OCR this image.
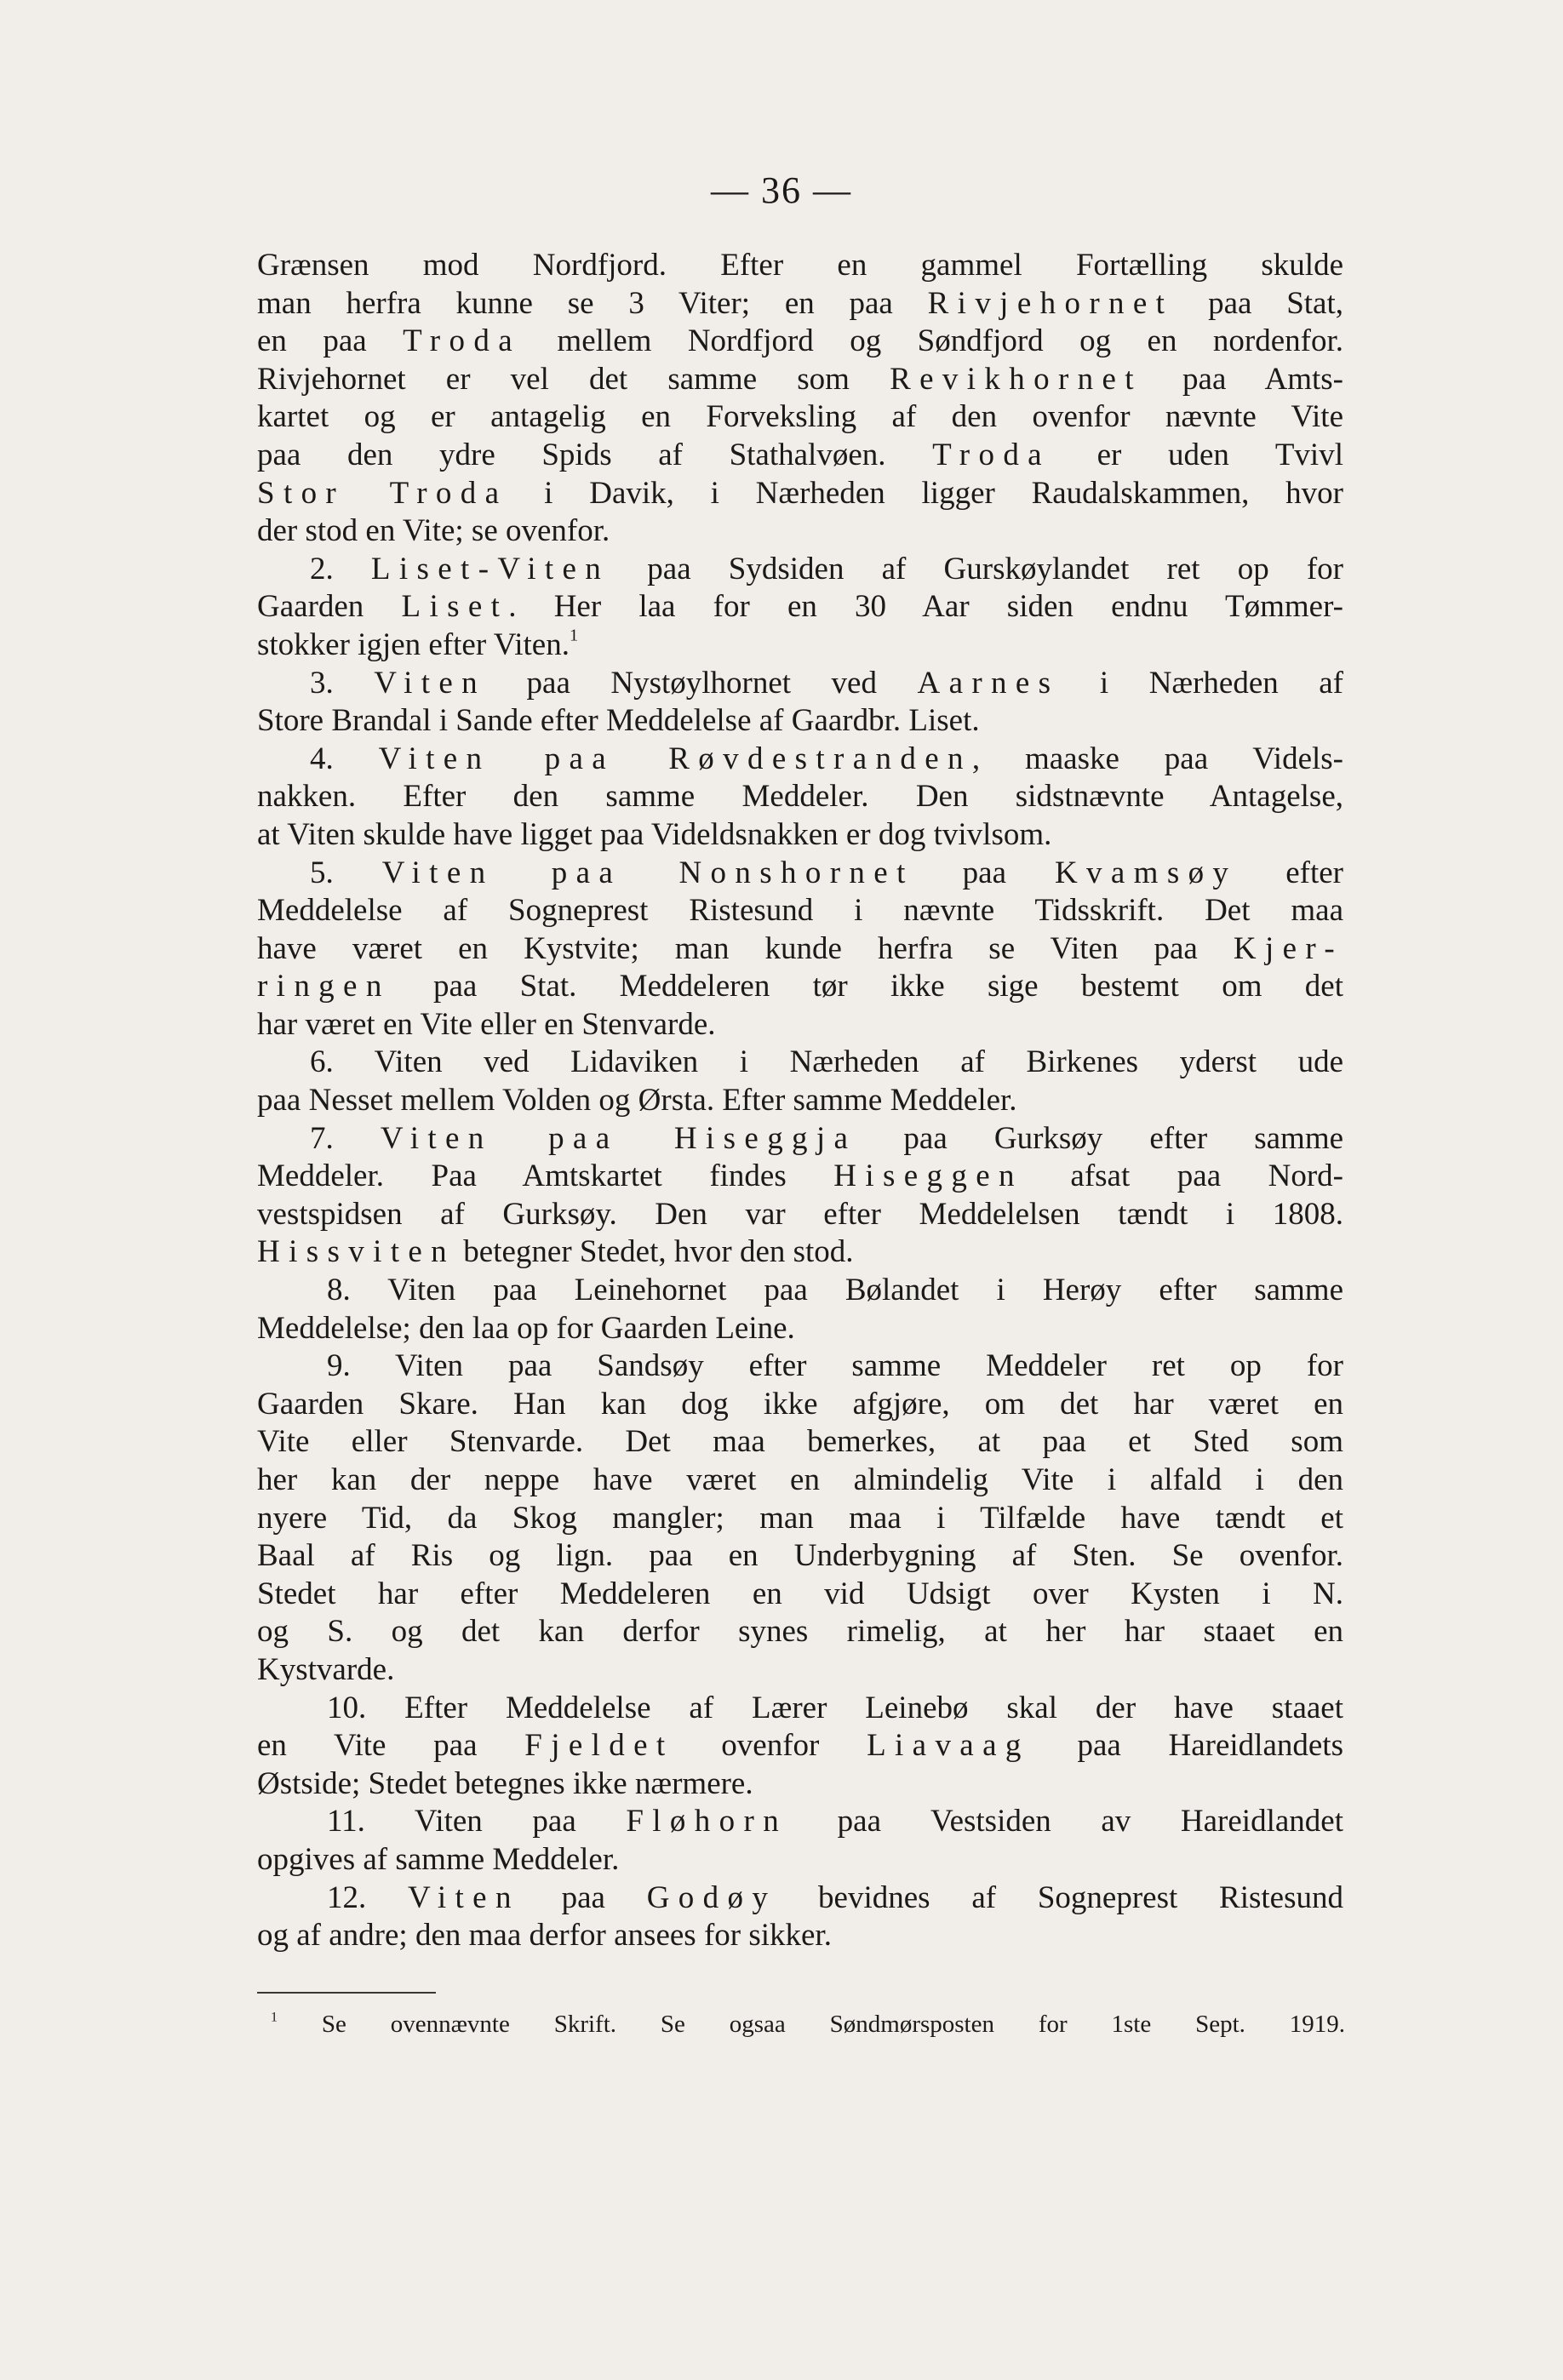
— 36 —
Grænsen mod Nordfjord. Efter en gammel Fortælling skulde
man herfra kunne se 3 Viter; en paa Rivjehornet paa Stat,
en paa Troda mellem Nordfjord og Søndfjord og en nordenfor.
Rivjehornet er vel det samme som Revikhornet paa Amts-
kartet og er antagelig en Forveksling af den ovenfor nævnte Vite
paa den ydre Spids af Stathalvøen. Troda er uden Tvivl
Stor Troda i Davik, i Nærheden ligger Raudalskammen, hvor
der stod en Vite; se ovenfor.
2. Liset-Viten paa Sydsiden af Gurskøylandet ret op for
Gaarden Liset. Her laa for en 30 Aar siden endnu Tømmer-
stokker igjen efter Viten.$^1$
3. Viten paa Nystøylhornet ved Aarnes i Nærheden af
Store Brandal i Sande efter Meddelelse af Gaardbr. Liset.
4. Viten paa Røvdestranden, maaske paa Videls-
nakken. Efter den samme Meddeler. Den sidstnævnte Antagelse,
at Viten skulde have ligget paa Videldsnakken er dog tvivlsom.
5. Viten paa Nonshornet paa Kvamsøy efter
Meddelelse af Sogneprest Ristesund i nævnte Tidsskrift. Det maa
have været en Kystvite; man kunde herfra se Viten paa Kjer-
ringen paa Stat. Meddeleren tør ikke sige bestemt om det
har været en Vite eller en Stenvarde.
6. Viten ved Lidaviken i Nærheden af Birkenes yderst ude
paa Nesset mellem Volden og Ørsta. Efter samme Meddeler.
7. Viten paa Hiseggja paa Gurksøy efter samme
Meddeler. Paa Amtskartet findes Hiseggen afsat paa Nord-
vestspidsen af Gurksøy. Den var efter Meddelelsen tændt i 1808.
Hissviten betegner Stedet, hvor den stod.
8. Viten paa Leinehornet paa Bølandet i Herøy efter samme
Meddelelse; den laa op for Gaarden Leine.
9. Viten paa Sandsøy efter samme Meddeler ret op for
Gaarden Skare. Han kan dog ikke afgjøre, om det har været en
Vite eller Stenvarde. Det maa bemerkes, at paa et Sted som
her kan der neppe have været en almindelig Vite i alfald i den
nyere Tid, da Skog mangler; man maa i Tilfælde have tændt et
Baal af Ris og lign. paa en Underbygning af Sten. Se ovenfor.
Stedet har efter Meddeleren en vid Udsigt over Kysten i N.
og S. og det kan derfor synes rimelig, at her har staaet en
Kystvarde.
10. Efter Meddelelse af Lærer Leinebø skal der have staaet
en Vite paa Fjeldet ovenfor Liavaag paa Hareidlandets
Østside; Stedet betegnes ikke nærmere.
11. Viten paa Fløhorn paa Vestsiden av Hareidlandet
opgives af samme Meddeler.
12. Viten paa Godøy bevidnes af Sogneprest Ristesund
og af andre; den maa derfor ansees for sikker.
$^1$ Se ovennævnte Skrift. Se ogsaa Søndmørsposten for 1ste Sept. 1919.
